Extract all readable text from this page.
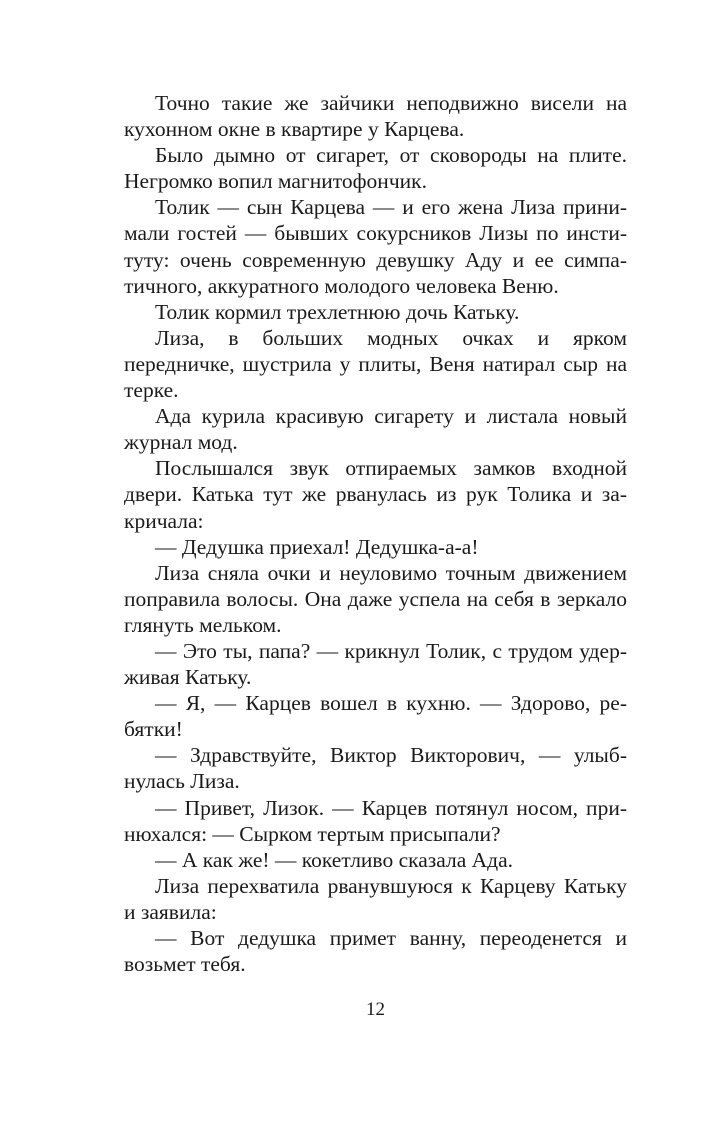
Точно такие же зайчики неподвижно висели на кухонном окне в квартире у Карцева.

Было дымно от сигарет, от сковороды на плите. Негромко вопил магнитофончик.

Толик — сын Карцева — и его жена Лиза принимали гостей — бывших сокурсников Лизы по институту: очень современную девушку Аду и ее симпатичного, аккуратного молодого человека Веню.

Толик кормил трехлетнюю дочь Катьку.

Лиза, в больших модных очках и ярком передничке, шустрила у плиты, Веня натирал сыр на терке.

Ада курила красивую сигарету и листала новый журнал мод.

Послышался звук отпираемых замков входной двери. Катька тут же рванулась из рук Толика и закричала:

— Дедушка приехал! Дедушка-а-а!

Лиза сняла очки и неуловимо точным движением поправила волосы. Она даже успела на себя в зеркало глянуть мельком.

— Это ты, папа? — крикнул Толик, с трудом удерживая Катьку.

— Я, — Карцев вошел в кухню. — Здорово, ребятки!

— Здравствуйте, Виктор Викторович, — улыбнулась Лиза.

— Привет, Лизок. — Карцев потянул носом, принюхался: — Сырком тертым присыпали?

— А как же! — кокетливо сказала Ада.

Лиза перехватила рванувшуюся к Карцеву Катьку и заявила:

— Вот дедушка примет ванну, переоденется и возьмет тебя.

12
